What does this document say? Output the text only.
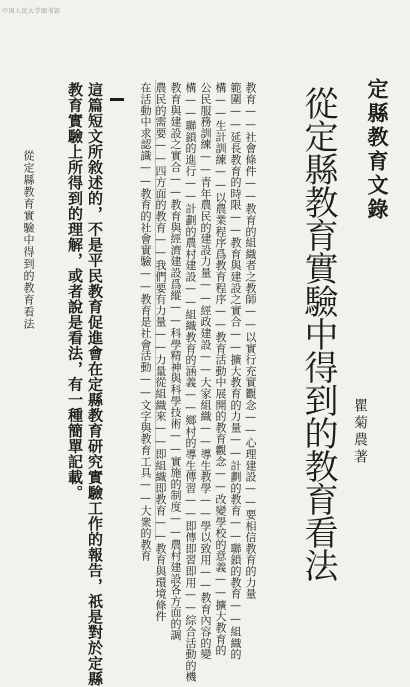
中国人民大学图书馆
定縣教育文錄
從定縣教育實驗中得到的教育看法 瞿菊農著
在活動中求認識——教育的社會實驗——教育是社會活動——文字與教育工具——大衆的教育 農民的需要——四方面的教育——我們要有力量——力量從組織來——即組織即教育——教育與環境條件 教育與建設之實合——教育與經濟建設爲縱——科學精神與科學技術——實施的制度——農村建設各方面的調 構——聯鎖的進行——計劃的農村建設——組織教育的涵義——鄉村的導生傳習——即傳即習即用——綜合活動的機 公民服務訓練——青年農民的建設力量——經政建設——大家組織——導生教學——學以致用——教育內容的變 構——生計訓練——以農業程序爲教育程序——教育活動中展開的教育觀念——改變學校的意義——擴大教育的 範圍——延長教育的時限——教育與建設之實合——擴大教育的力量——計劃的教育——聯鎖的教育——組織的 教育——社會條件——教育的組織者之教師——以實行充實觀念——心理建設——要相信教育的力量
這篇短文所敘述的，不是平民教育促進會在定縣教育研究實驗工作的報告，祇是對於定縣
教育實驗上所得到的理解，或者說是看法，有一種簡單記載。
從定縣教育實驗中得到的教育看法
